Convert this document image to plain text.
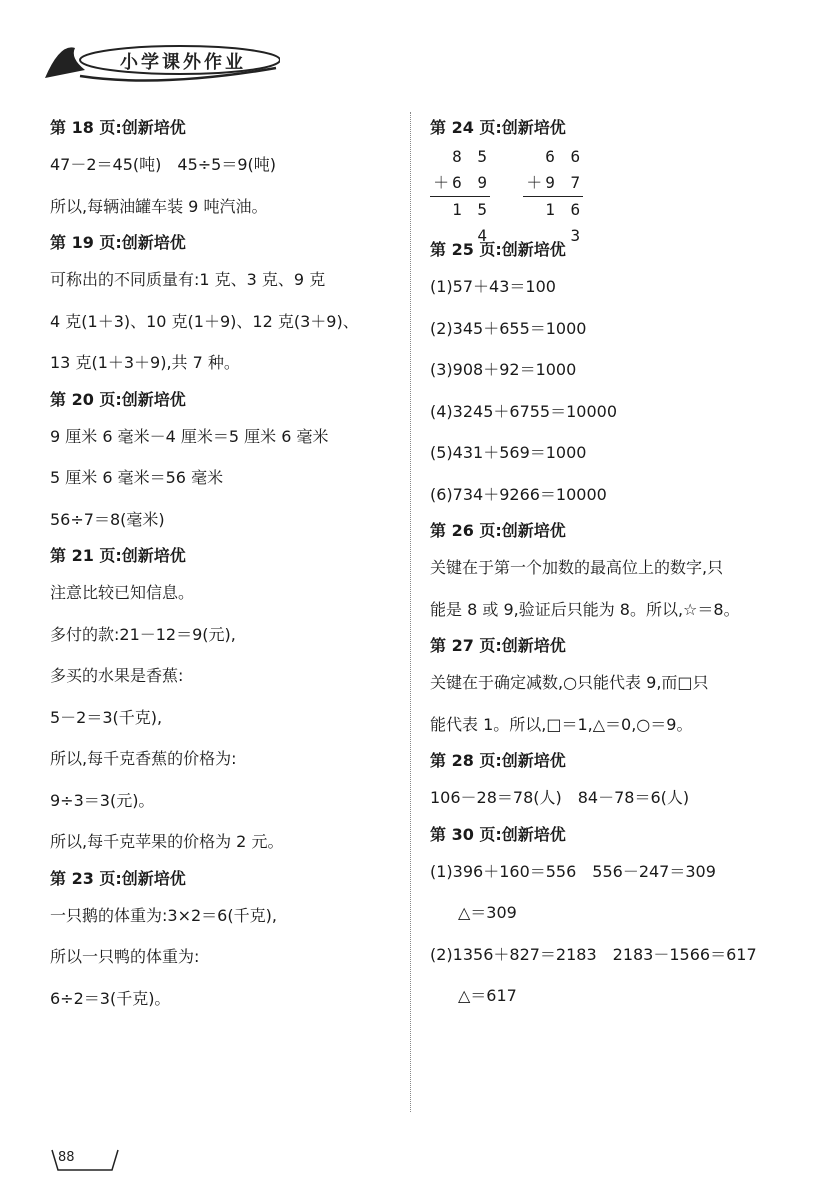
小学课外作业
第 18 页:创新培优
47－2＝45(吨)　45÷5＝9(吨)
所以,每辆油罐车装 9 吨汽油。
第 19 页:创新培优
可称出的不同质量有:1 克、3 克、9 克
4 克(1＋3)、10 克(1＋9)、12 克(3＋9)、
13 克(1＋3＋9),共 7 种。
第 20 页:创新培优
9 厘米 6 毫米－4 厘米＝5 厘米 6 毫米
5 厘米 6 毫米＝56 毫米
56÷7＝8(毫米)
第 21 页:创新培优
注意比较已知信息。
多付的款:21－12＝9(元),
多买的水果是香蕉:
5－2＝3(千克),
所以,每千克香蕉的价格为:
9÷3＝3(元)。
所以,每千克苹果的价格为 2 元。
第 23 页:创新培优
一只鹅的体重为:3×2＝6(千克),
所以一只鸭的体重为:
6÷2＝3(千克)。
第 24 页:创新培优
8 5
＋6 9
1 5 4

6 6
＋9 7
1 6 3
第 25 页:创新培优
(1)57＋43＝100
(2)345＋655＝1000
(3)908＋92＝1000
(4)3245＋6755＝10000
(5)431＋569＝1000
(6)734＋9266＝10000
第 26 页:创新培优
关键在于第一个加数的最高位上的数字,只
能是 8 或 9,验证后只能为 8。所以,☆＝8。
第 27 页:创新培优
关键在于确定减数,○只能代表 9,而□只
能代表 1。所以,□＝1,△＝0,○＝9。
第 28 页:创新培优
106－28＝78(人)　84－78＝6(人)
第 30 页:创新培优
(1)396＋160＝556　556－247＝309
△＝309
(2)1356＋827＝2183　2183－1566＝617
△＝617
88
